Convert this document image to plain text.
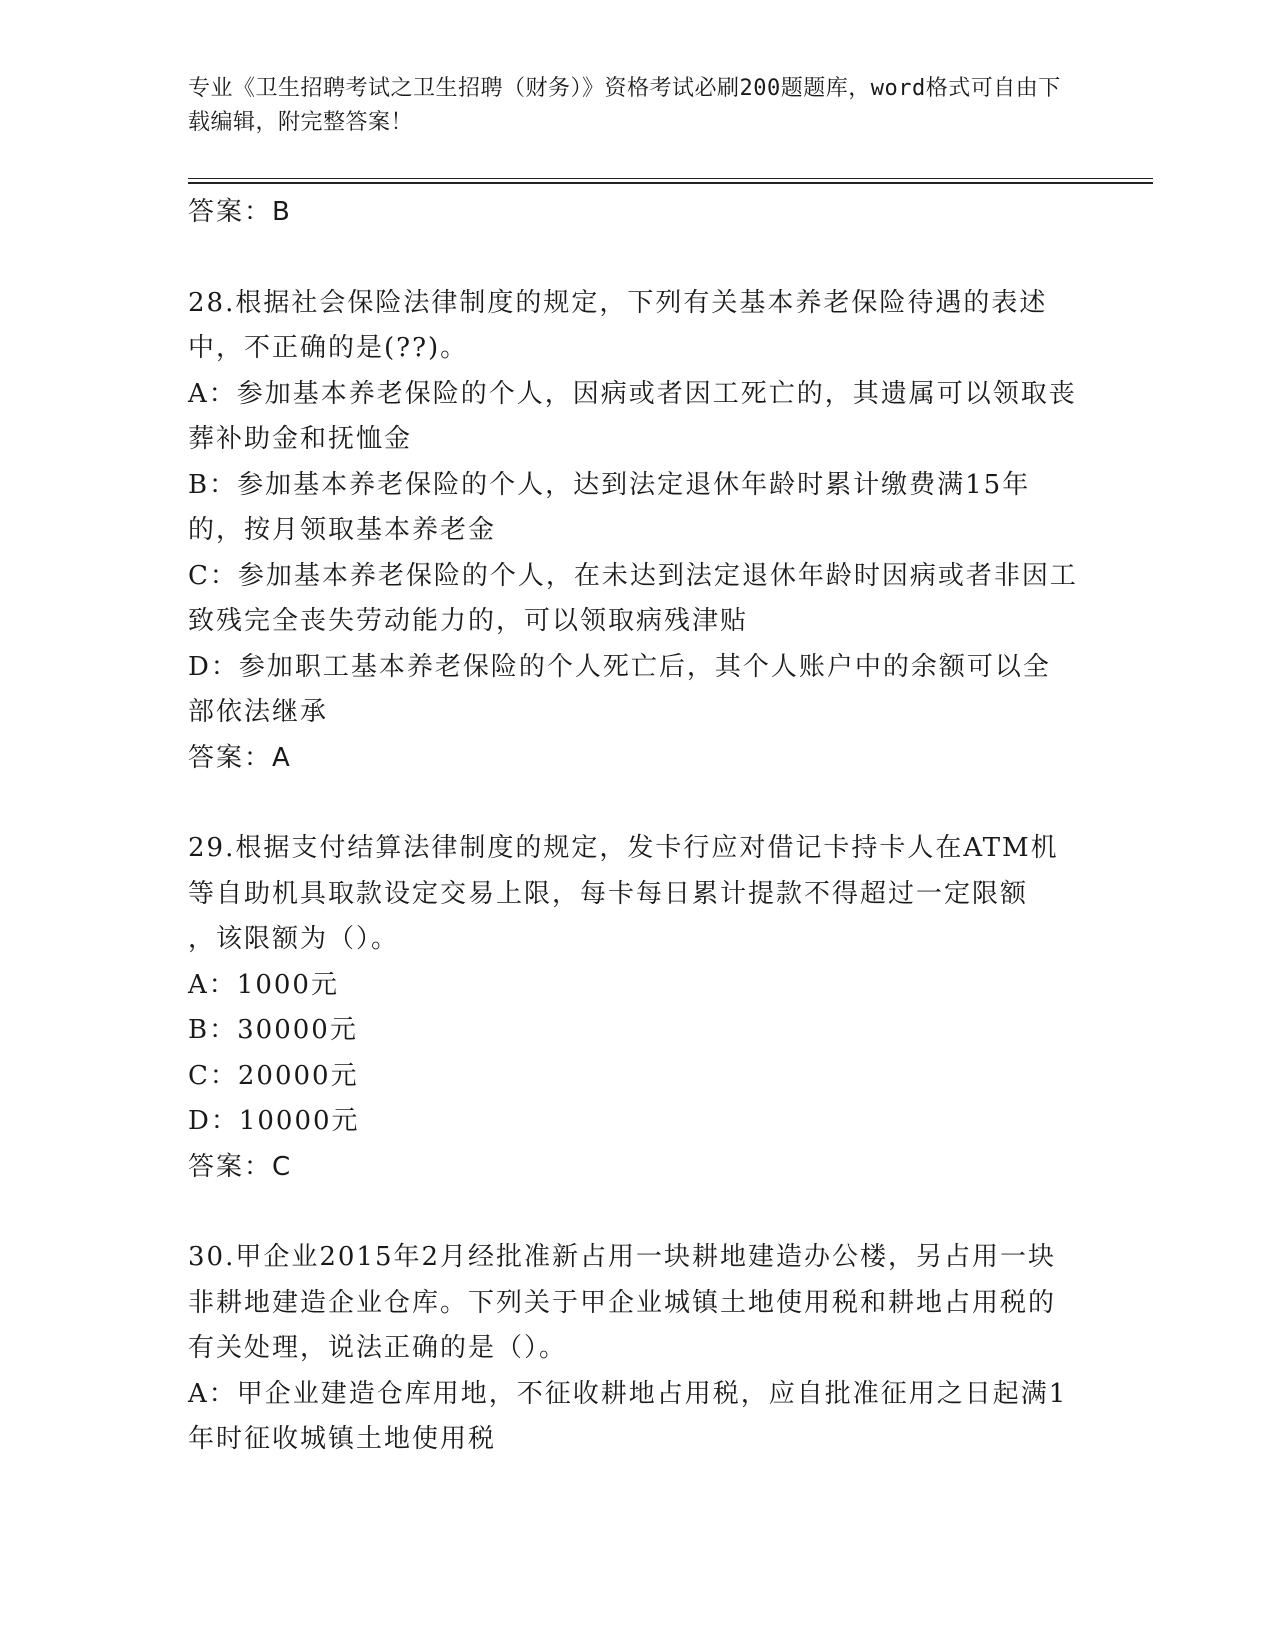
专业《卫生招聘考试之卫生招聘（财务）》资格考试必刷200题题库，word格式可自由下载编辑，附完整答案！
答案：B
28.根据社会保险法律制度的规定，下列有关基本养老保险待遇的表述中，不正确的是(??)。
A：参加基本养老保险的个人，因病或者因工死亡的，其遗属可以领取丧葬补助金和抚恤金
B：参加基本养老保险的个人，达到法定退休年龄时累计缴费满15年的，按月领取基本养老金
C：参加基本养老保险的个人，在未达到法定退休年龄时因病或者非因工致残完全丧失劳动能力的，可以领取病残津贴
D：参加职工基本养老保险的个人死亡后，其个人账户中的余额可以全部依法继承
答案：A
29.根据支付结算法律制度的规定，发卡行应对借记卡持卡人在ATM机
等自助机具取款设定交易上限，每卡每日累计提款不得超过一定限额
，该限额为（）。
A：1000元
B：30000元
C：20000元
D：10000元
答案：C
30.甲企业2015年2月经批准新占用一块耕地建造办公楼，另占用一块非耕地建造企业仓库。下列关于甲企业城镇土地使用税和耕地占用税的有关处理，说法正确的是（）。
A：甲企业建造仓库用地，不征收耕地占用税，应自批准征用之日起满1年时征收城镇土地使用税
